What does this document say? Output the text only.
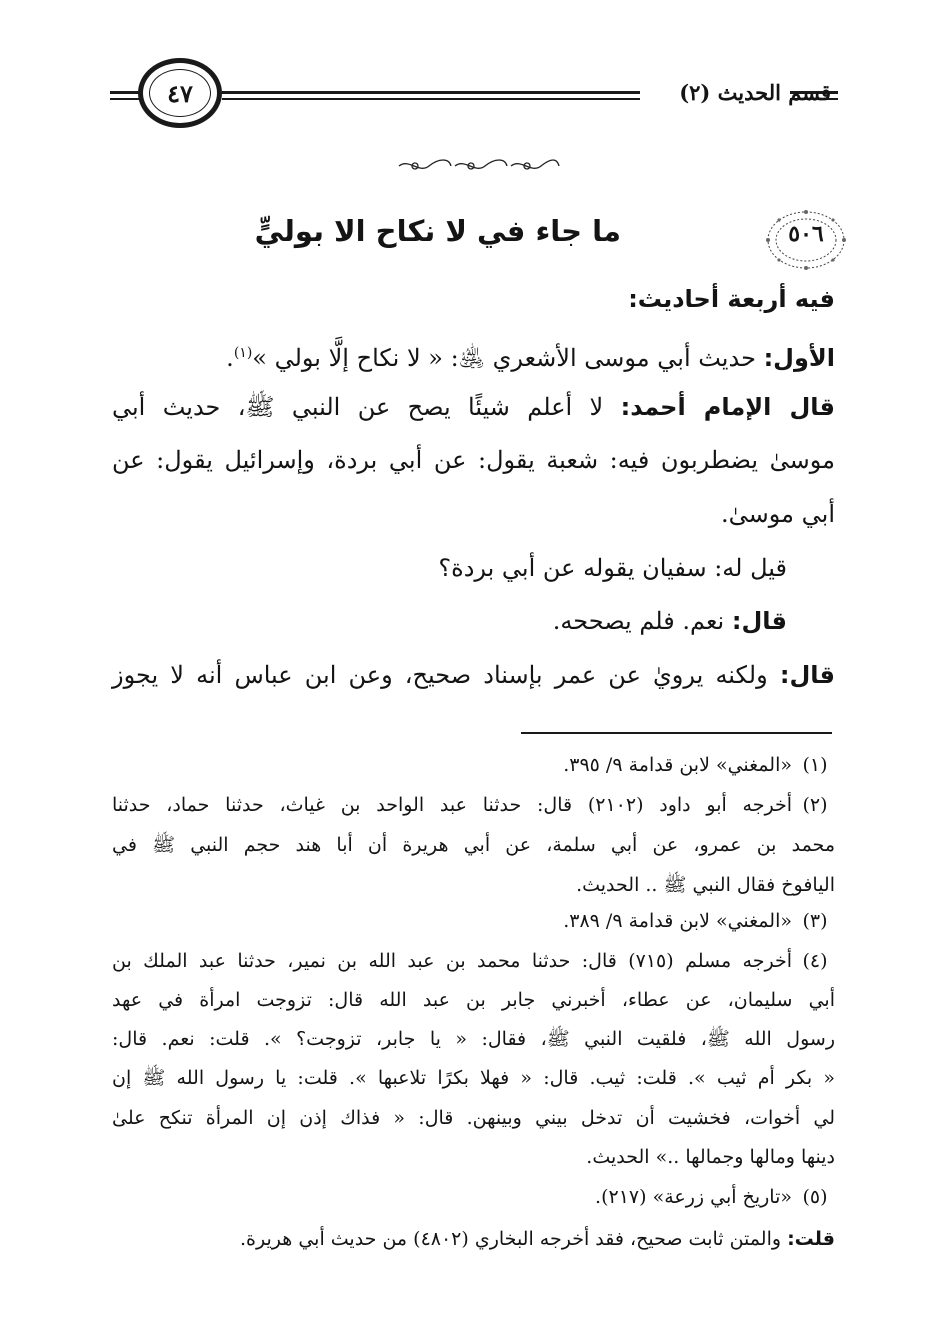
٤٧	قسم الحديث (٢)
٥٠٦
ما جاء في لا نكاح الا بوليٍّ
فيه أربعة أحاديث:
الأول: حديث أبي موسى الأشعري ﵁: « لا نكاح إلَّا بولي »$^{(١)}$.
قال الإمام أحمد: لا أعلم شيئًا يصح عن النبي ﷺ، حديث أبي
موسىٰ يضطربون فيه: شعبة يقول: عن أبي بردة، وإسرائيل يقول: عن
أبي موسىٰ.
قيل له: سفيان يقوله عن أبي بردة؟
قال: نعم. فلم يصححه.
قال: ولكنه يرويٰ عن عمر بإسناد صحيح، وعن ابن عباس أنه لا يجوز
(١)
«المغني» لابن قدامة ٩/ ٣٩٥.
(٢)
أخرجه أبو داود (٢١٠٢) قال: حدثنا عبد الواحد بن غياث، حدثنا حماد، حدثنا
محمد بن عمرو، عن أبي سلمة، عن أبي هريرة أن أبا هند حجم النبي ﷺ في
اليافوخ فقال النبي ﷺ .. الحديث.
(٣)
«المغني» لابن قدامة ٩/ ٣٨٩.
(٤)
أخرجه مسلم (٧١٥) قال: حدثنا محمد بن عبد الله بن نمير، حدثنا عبد الملك بن
أبي سليمان، عن عطاء، أخبرني جابر بن عبد الله قال: تزوجت امرأة في عهد
رسول الله ﷺ، فلقيت النبي ﷺ، فقال: « يا جابر، تزوجت؟ ». قلت: نعم. قال:
« بكر أم ثيب ». قلت: ثيب. قال: « فهلا بكرًا تلاعبها ». قلت: يا رسول الله ﷺ إن
لي أخوات، فخشيت أن تدخل بيني وبينهن. قال: « فذاك إذن إن المرأة تنكح علىٰ
دينها ومالها وجمالها ..» الحديث.
(٥)
«تاريخ أبي زرعة» (٢١٧).
قلت: والمتن ثابت صحيح، فقد أخرجه البخاري (٤٨٠٢) من حديث أبي هريرة.
